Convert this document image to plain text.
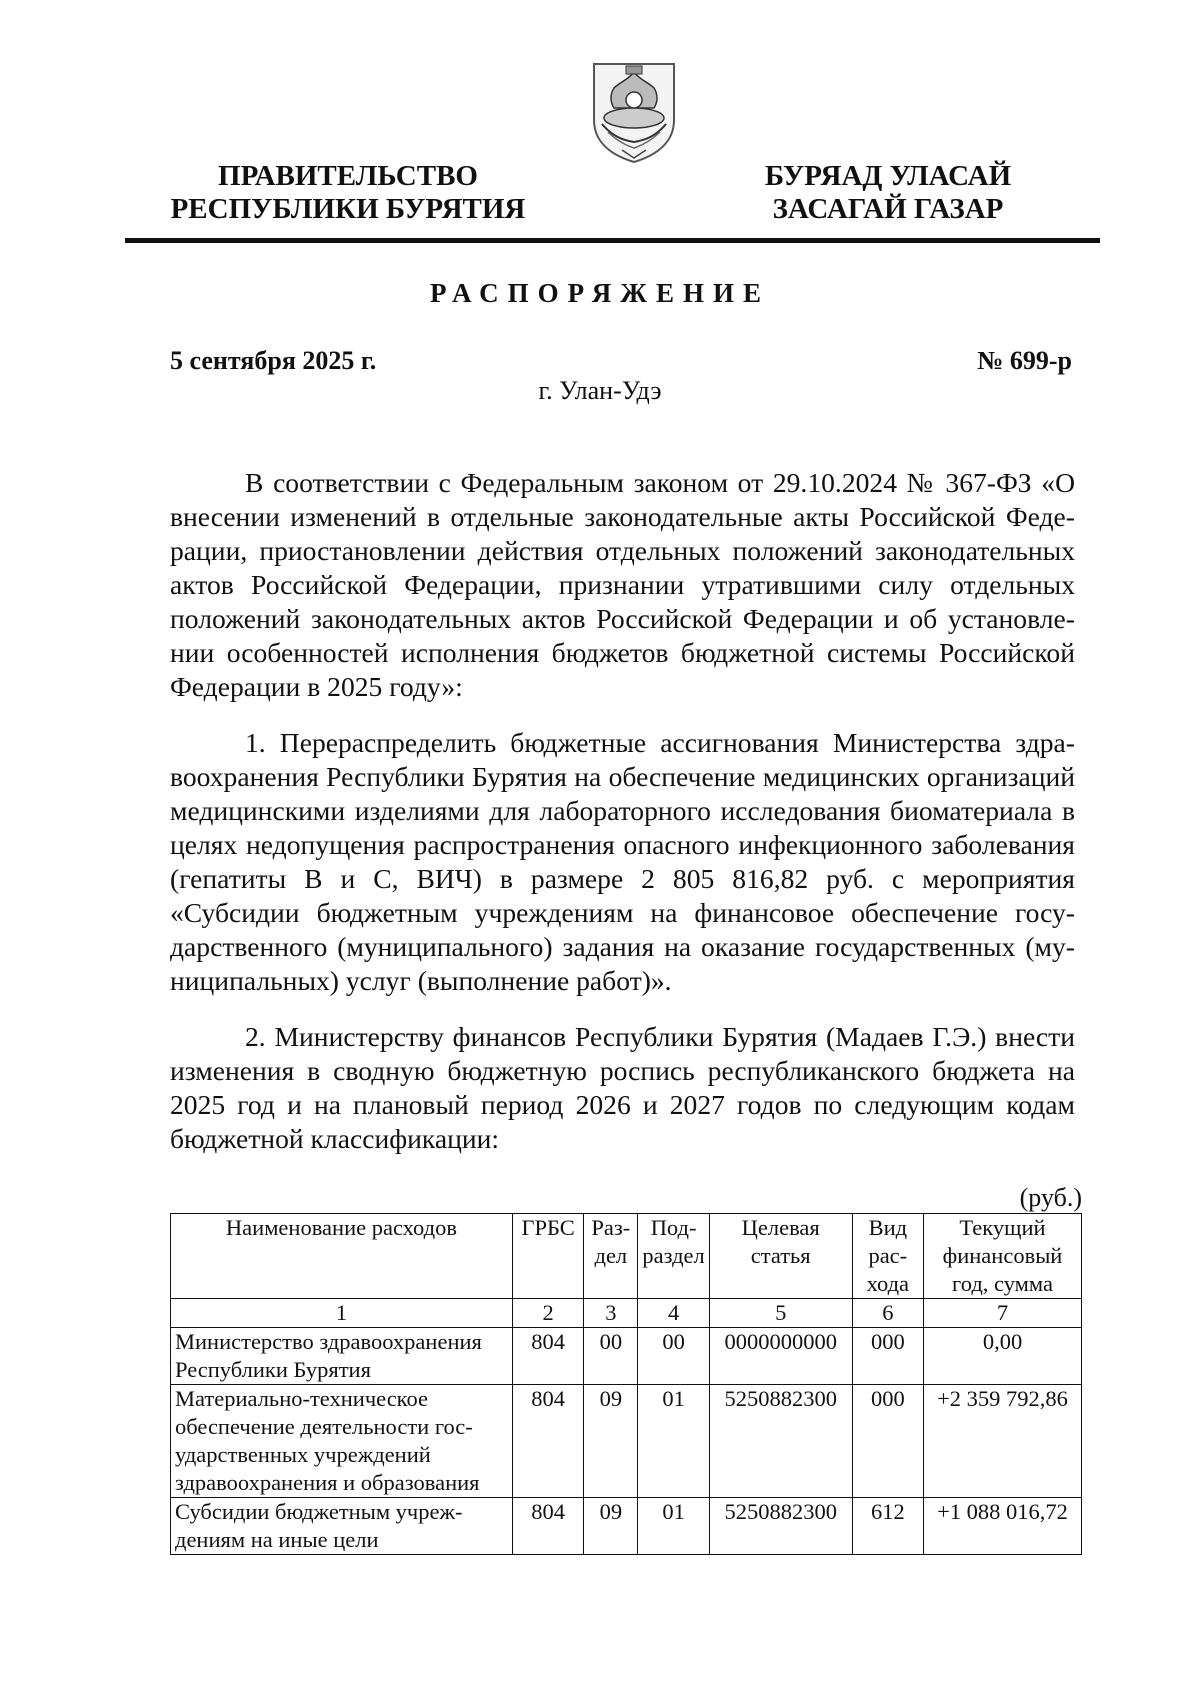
ПРАВИТЕЛЬСТВО
РЕСПУБЛИКИ БУРЯТИЯ
БУРЯАД УЛАСАЙ
ЗАСАГАЙ ГАЗАР
РАСПОРЯЖЕНИЕ
5 сентября 2025 г.	№ 699-р
г. Улан-Удэ
В соответствии с Федеральным законом от 29.10.2024 № 367-ФЗ «О внесении изменений в отдельные законодательные акты Российской Федерации, приостановлении действия отдельных положений законодательных актов Российской Федерации, признании утратившими силу отдельных положений законодательных актов Российской Федерации и об установлении особенностей исполнения бюджетов бюджетной системы Российской Федерации в 2025 году»:
1. Перераспределить бюджетные ассигнования Министерства здравоохранения Республики Бурятия на обеспечение медицинских организаций медицинскими изделиями для лабораторного исследования биоматериала в целях недопущения распространения опасного инфекционного заболевания (гепатиты В и С, ВИЧ) в размере 2 805 816,82 руб. с мероприятия «Субсидии бюджетным учреждениям на финансовое обеспечение государственного (муниципального) задания на оказание государственных (муниципальных) услуг (выполнение работ)».
2. Министерству финансов Республики Бурятия (Мадаев Г.Э.) внести изменения в сводную бюджетную роспись республиканского бюджета на 2025 год и на плановый период 2026 и 2027 годов по следующим кодам бюджетной классификации:
(руб.)
Наименование расходов	ГРБС	Раздел	Подраздел	Целевая статья	Вид расхода	Текущий финансовый год, сумма
1	2	3	4	5	6	7
Министерство здравоохранения Республики Бурятия	804	00	00	0000000000	000	0,00
Материально-техническое обеспечение деятельности государственных учреждений здравоохранения и образования	804	09	01	5250882300	000	+2 359 792,86
Субсидии бюджетным учреждениям на иные цели	804	09	01	5250882300	612	+1 088 016,72
